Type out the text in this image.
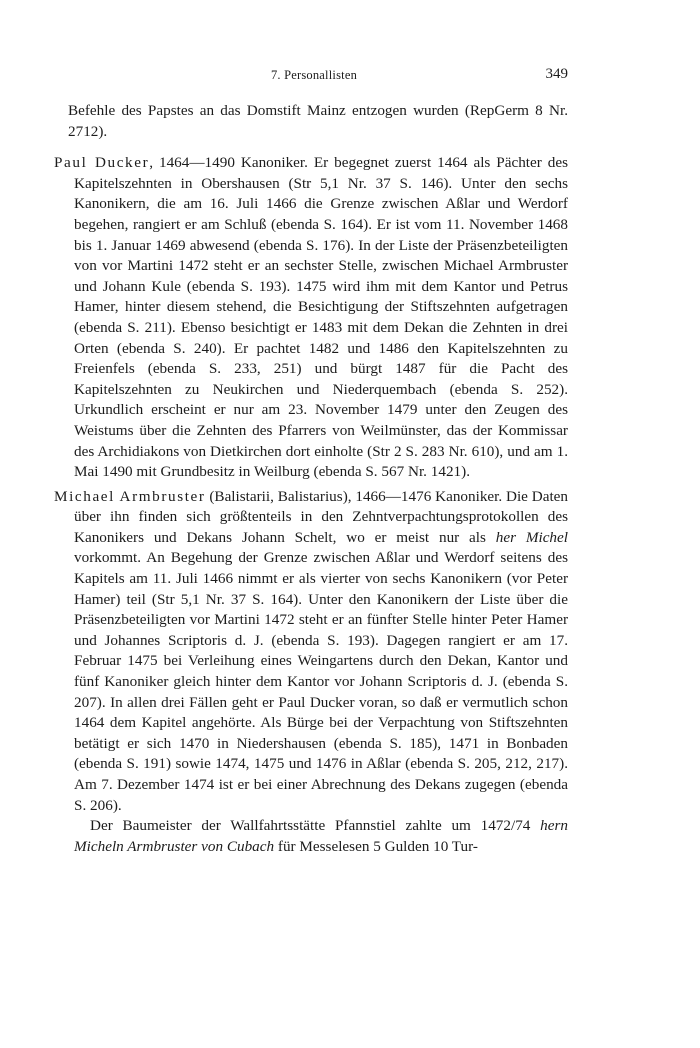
7. Personallisten	349

Befehle des Papstes an das Domstift Mainz entzogen wurden (RepGerm 8 Nr. 2712).

Paul Ducker, 1464—1490 Kanoniker. Er begegnet zuerst 1464 als Pächter des Kapitelszehnten in Obershausen (Str 5,1 Nr. 37 S. 146). Unter den sechs Kanonikern, die am 16. Juli 1466 die Grenze zwischen Aßlar und Werdorf begehen, rangiert er am Schluß (ebenda S. 164). Er ist vom 11. November 1468 bis 1. Januar 1469 abwesend (ebenda S. 176). In der Liste der Präsenzbeteiligten von vor Martini 1472 steht er an sechster Stelle, zwischen Michael Armbruster und Johann Kule (ebenda S. 193). 1475 wird ihm mit dem Kantor und Petrus Hamer, hinter diesem stehend, die Besichtigung der Stiftszehnten aufgetragen (ebenda S. 211). Ebenso besichtigt er 1483 mit dem Dekan die Zehnten in drei Orten (ebenda S. 240). Er pachtet 1482 und 1486 den Kapitelszehnten zu Freienfels (ebenda S. 233, 251) und bürgt 1487 für die Pacht des Kapitelszehnten zu Neukirchen und Niederquembach (ebenda S. 252). Urkundlich erscheint er nur am 23. November 1479 unter den Zeugen des Weistums über die Zehnten des Pfarrers von Weilmünster, das der Kommissar des Archidiakons von Dietkirchen dort einholte (Str 2 S. 283 Nr. 610), und am 1. Mai 1490 mit Grundbesitz in Weilburg (ebenda S. 567 Nr. 1421).

Michael Armbruster (Balistarii, Balistarius), 1466—1476 Kanoniker. Die Daten über ihn finden sich größtenteils in den Zehntverpachtungsprotokollen des Kanonikers und Dekans Johann Schelt, wo er meist nur als her Michel vorkommt. An Begehung der Grenze zwischen Aßlar und Werdorf seitens des Kapitels am 11. Juli 1466 nimmt er als vierter von sechs Kanonikern (vor Peter Hamer) teil (Str 5,1 Nr. 37 S. 164). Unter den Kanonikern der Liste über die Präsenzbeteiligten vor Martini 1472 steht er an fünfter Stelle hinter Peter Hamer und Johannes Scriptoris d. J. (ebenda S. 193). Dagegen rangiert er am 17. Februar 1475 bei Verleihung eines Weingartens durch den Dekan, Kantor und fünf Kanoniker gleich hinter dem Kantor vor Johann Scriptoris d. J. (ebenda S. 207). In allen drei Fällen geht er Paul Ducker voran, so daß er vermutlich schon 1464 dem Kapitel angehörte. Als Bürge bei der Verpachtung von Stiftszehnten betätigt er sich 1470 in Niedershausen (ebenda S. 185), 1471 in Bonbaden (ebenda S. 191) sowie 1474, 1475 und 1476 in Aßlar (ebenda S. 205, 212, 217). Am 7. Dezember 1474 ist er bei einer Abrechnung des Dekans zugegen (ebenda S. 206).

Der Baumeister der Wallfahrtsstätte Pfannstiel zahlte um 1472/74 hern Micheln Armbruster von Cubach für Messelesen 5 Gulden 10 Tur-
